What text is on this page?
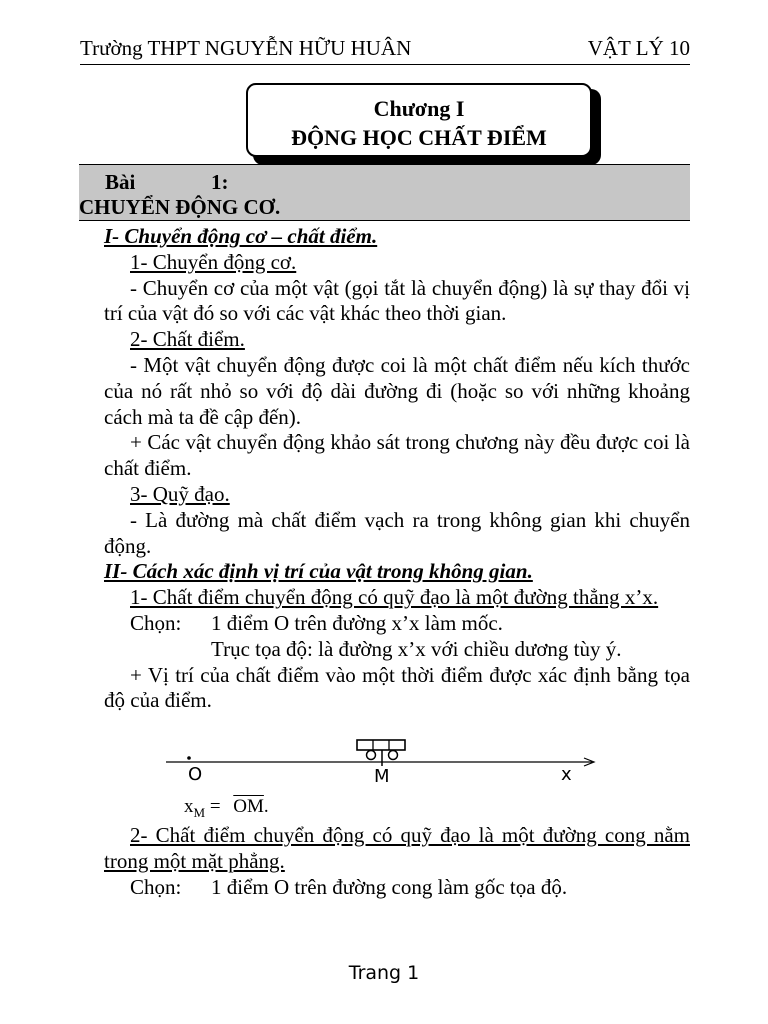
Trường THPT NGUYỄN HỮU HUÂN	VẬT LÝ 10
Chương I
ĐỘNG HỌC CHẤT ĐIỂM
Bài	1:
CHUYỂN ĐỘNG CƠ.

I- Chuyển động cơ – chất điểm.

1- Chuyển động cơ.

- Chuyển cơ của một vật (gọi tắt là chuyển động) là sự thay đổi vị trí của vật đó so với các vật khác theo thời gian.

2- Chất điểm.

- Một vật chuyển động được coi là một chất điểm nếu kích thước của nó rất nhỏ so với độ dài đường đi (hoặc so với những khoảng cách mà ta đề cập đến).

+ Các vật chuyển động khảo sát trong chương này đều được coi là chất điểm.

3- Quỹ đạo.

- Là đường mà chất điểm vạch ra trong không gian khi chuyển động.

II- Cách xác định vị trí của vật trong không gian.

1- Chất điểm chuyển động có quỹ đạo là một đường thẳng x’x.

Chọn:	1 điểm O trên đường x’x làm mốc.
Trục tọa độ: là đường x’x với chiều dương tùy ý.

+ Vị trí của chất điểm vào một thời điểm được xác định bằng tọa độ của điểm.

O	M	x
$x_M = \overline{OM}$.

2- Chất điểm chuyển động có quỹ đạo là một đường cong nằm trong một mặt phẳng.

Chọn:	1 điểm O trên đường cong làm gốc tọa độ.
Trang 1
